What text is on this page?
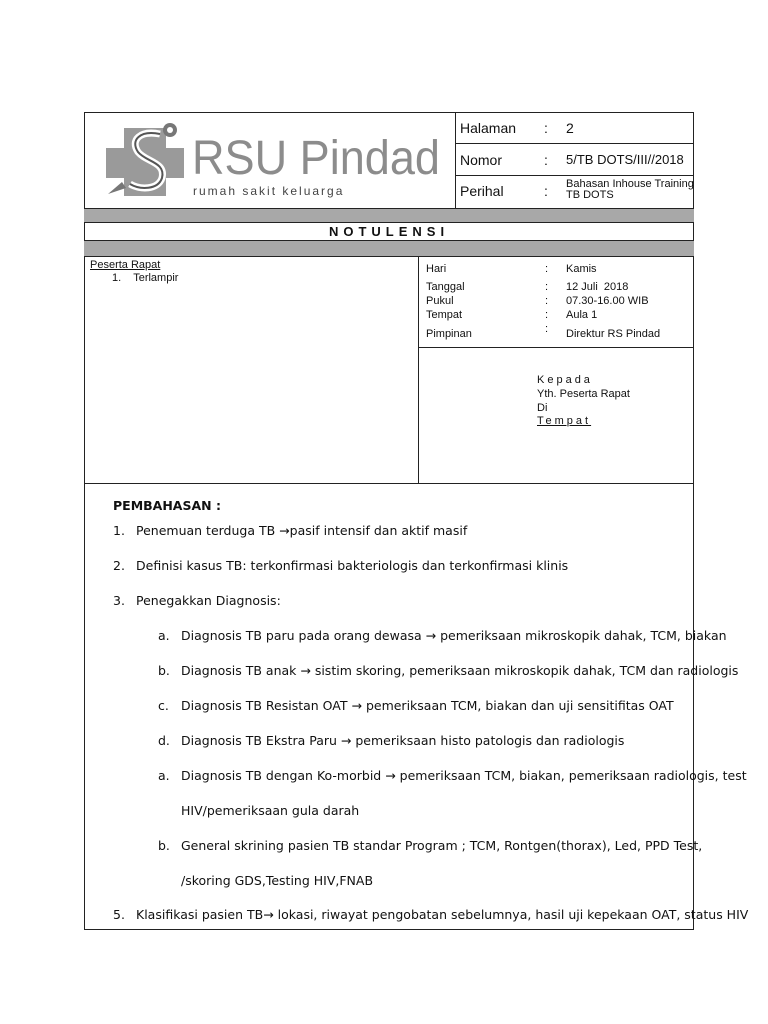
RSU Pindad
rumah sakit keluarga
Halaman : 2
Nomor	: 5/TB DOTS/III//2018
Perihal	: Bahasan Inhouse Training
TB DOTS
NOTULENSI
Peserta Rapat
1.    Terlampir
Hari	: Kamis
Tanggal	: 12 Juli  2018
Pukul	: 07.30-16.00 WIB
Tempat	: Aula 1
Pimpinan	: Direktur RS Pindad
Kepada
Yth. Peserta Rapat
Di
Tempat
PEMBAHASAN :
1. Penemuan terduga TB →pasif intensif dan aktif masif
2. Definisi kasus TB: terkonfirmasi bakteriologis dan terkonfirmasi klinis
3. Penegakkan Diagnosis:
a. Diagnosis TB paru pada orang dewasa → pemeriksaan mikroskopik dahak, TCM, biakan
b. Diagnosis TB anak → sistim skoring, pemeriksaan mikroskopik dahak, TCM dan radiologis
c. Diagnosis TB Resistan OAT → pemeriksaan TCM, biakan dan uji sensitifitas OAT
d. Diagnosis TB Ekstra Paru → pemeriksaan histo patologis dan radiologis
a. Diagnosis TB dengan Ko-morbid → pemeriksaan TCM, biakan, pemeriksaan radiologis, test
HIV/pemeriksaan gula darah
b. General skrining pasien TB standar Program ; TCM, Rontgen(thorax), Led, PPD Test,
/skoring GDS,Testing HIV,FNAB
5. Klasifikasi pasien TB→ lokasi, riwayat pengobatan sebelumnya, hasil uji kepekaan OAT, status HIV
